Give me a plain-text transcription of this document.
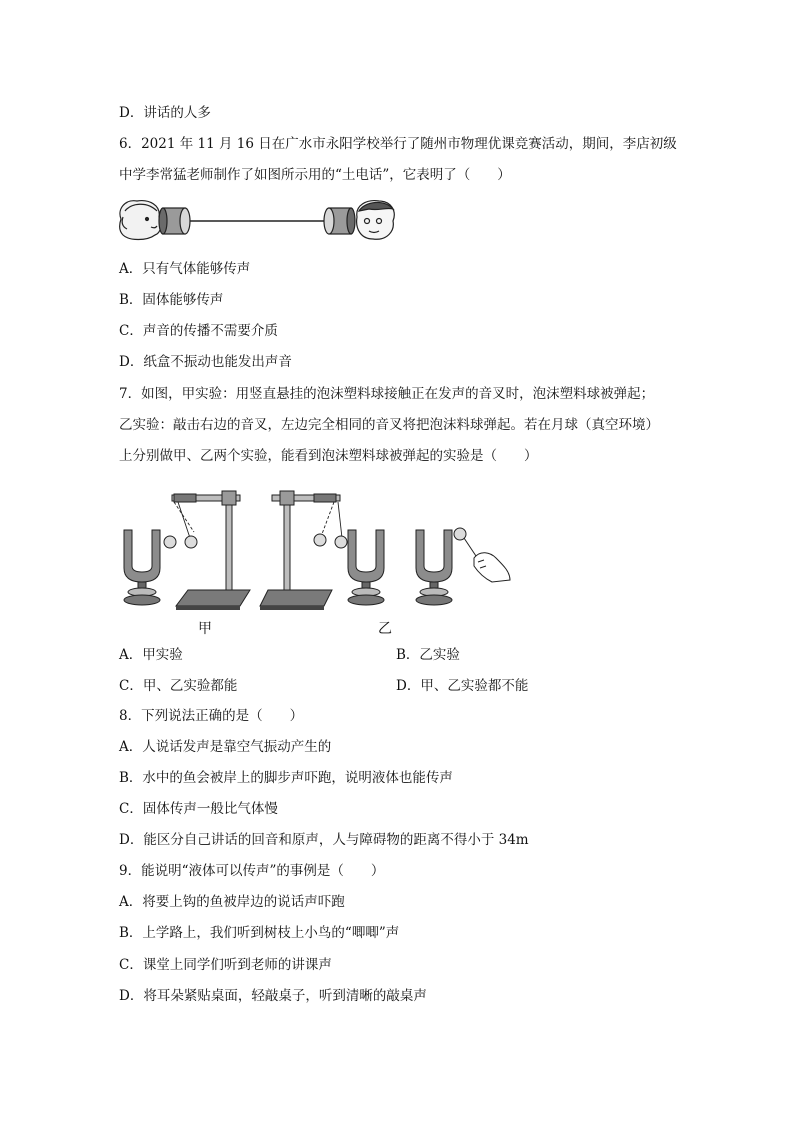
D．讲话的人多
6．2021 年 11 月 16 日在广水市永阳学校举行了随州市物理优课竞赛活动，期间，李店初级
中学李常猛老师制作了如图所示用的“土电话”，它表明了（　　）
A．只有气体能够传声
B．固体能够传声
C．声音的传播不需要介质
D．纸盒不振动也能发出声音
7．如图，甲实验：用竖直悬挂的泡沫塑料球接触正在发声的音叉时，泡沫塑料球被弹起；
乙实验：敲击右边的音叉，左边完全相同的音叉将把泡沫料球弹起。若在月球（真空环境）
上分别做甲、乙两个实验，能看到泡沫塑料球被弹起的实验是（　　）
甲	乙
A．甲实验	B．乙实验
C．甲、乙实验都能	D．甲、乙实验都不能
8．下列说法正确的是（　　）
A．人说话发声是靠空气振动产生的
B．水中的鱼会被岸上的脚步声吓跑，说明液体也能传声
C．固体传声一般比气体慢
D．能区分自己讲话的回音和原声，人与障碍物的距离不得小于 34m
9．能说明“液体可以传声”的事例是（　　）
A．将要上钩的鱼被岸边的说话声吓跑
B．上学路上，我们听到树枝上小鸟的“唧唧”声
C．课堂上同学们听到老师的讲课声
D．将耳朵紧贴桌面，轻敲桌子，听到清晰的敲桌声
